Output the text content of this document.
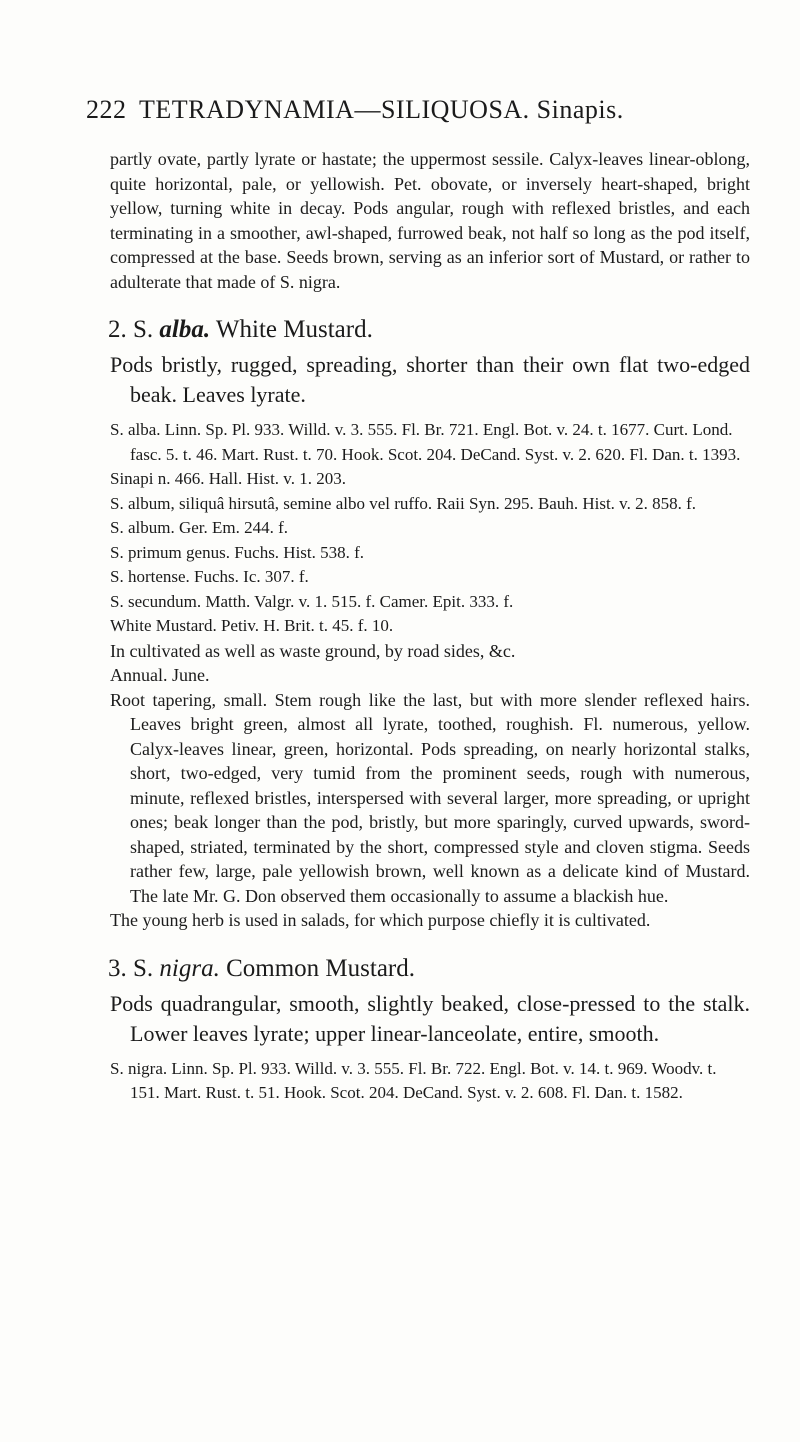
222 TETRADYNAMIA—SILIQUOSA. Sinapis.

partly ovate, partly lyrate or hastate; the uppermost sessile. Calyx-leaves linear-oblong, quite horizontal, pale, or yellowish. Pet. obovate, or inversely heart-shaped, bright yellow, turning white in decay. Pods angular, rough with reflexed bristles, and each terminating in a smoother, awl-shaped, furrowed beak, not half so long as the pod itself, compressed at the base. Seeds brown, serving as an inferior sort of Mustard, or rather to adulterate that made of S. nigra.

2. S. alba. White Mustard.
Pods bristly, rugged, spreading, shorter than their own flat two-edged beak. Leaves lyrate.

S. alba. Linn. Sp. Pl. 933. Willd. v. 3. 555. Fl. Br. 721. Engl. Bot. v. 24. t. 1677. Curt. Lond. fasc. 5. t. 46. Mart. Rust. t. 70. Hook. Scot. 204. DeCand. Syst. v. 2. 620. Fl. Dan. t. 1393.

Sinapi n. 466. Hall. Hist. v. 1. 203.

S. album, siliquâ hirsutâ, semine albo vel ruffo. Raii Syn. 295. Bauh. Hist. v. 2. 858. f.

S. album. Ger. Em. 244. f.

S. primum genus. Fuchs. Hist. 538. f.

S. hortense. Fuchs. Ic. 307. f.

S. secundum. Matth. Valgr. v. 1. 515. f. Camer. Epit. 333. f.

White Mustard. Petiv. H. Brit. t. 45. f. 10.

In cultivated as well as waste ground, by road sides, &c.

Annual. June.

Root tapering, small. Stem rough like the last, but with more slender reflexed hairs. Leaves bright green, almost all lyrate, toothed, roughish. Fl. numerous, yellow. Calyx-leaves linear, green, horizontal. Pods spreading, on nearly horizontal stalks, short, two-edged, very tumid from the prominent seeds, rough with numerous, minute, reflexed bristles, interspersed with several larger, more spreading, or upright ones; beak longer than the pod, bristly, but more sparingly, curved upwards, sword-shaped, striated, terminated by the short, compressed style and cloven stigma. Seeds rather few, large, pale yellowish brown, well known as a delicate kind of Mustard. The late Mr. G. Don observed them occasionally to assume a blackish hue.

The young herb is used in salads, for which purpose chiefly it is cultivated.

3. S. nigra. Common Mustard.
Pods quadrangular, smooth, slightly beaked, close-pressed to the stalk. Lower leaves lyrate; upper linear-lanceolate, entire, smooth.

S. nigra. Linn. Sp. Pl. 933. Willd. v. 3. 555. Fl. Br. 722. Engl. Bot. v. 14. t. 969. Woodv. t. 151. Mart. Rust. t. 51. Hook. Scot. 204. DeCand. Syst. v. 2. 608. Fl. Dan. t. 1582.
